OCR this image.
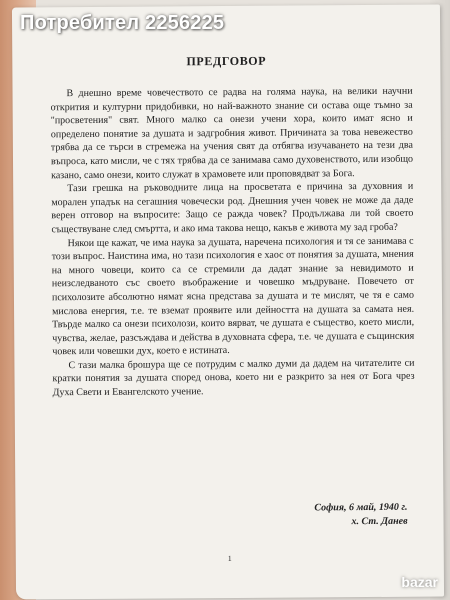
ПРЕДГОВОР

В днешно време човечеството се радва на голяма наука, на велики научни открития и културни придобивки, но най-важното знание си остава още тъмно за "просветения" свят. Много малко са онези учени хора, които имат ясно и определено понятие за душата и задгробния живот. Причината за това невежество трябва да се търси в стремежа на учения свят да отбягва изучаването на тези два въпроса, като мисли, че с тях трябва да се занимава само духовенството, или изобщо казано, само онези, които служат в храмовете или проповядват за Бога.

Тази грешка на ръководните лица на просветата е причина за духовния и морален упадък на сегашния човечески род. Днешния учен човек не може да даде верен отговор на въпросите: Защо се ражда човек? Продължава ли той своето съществуване след смъртта, и ако има такова нещо, какъв е живота му зад гроба?

Някои ще кажат, че има наука за душата, наречена психология и тя се занимава с този въпрос. Наистина има, но тази психология е хаос от понятия за душата, мнения на много човеци, които са се стремили да дадат знание за невидимото и неизследваното със своето въображение и човешко мъдруване. Повечето от психолозите абсолютно нямат ясна представа за душата и те мислят, че тя е само мислова енергия, т.е. те вземат проявите или дейността на душата за самата нея. Твърде малко са онези психолози, които вярват, че душата е същество, което мисли, чувства, желае, разсъждава и действа в духовната сфера, т.е. че душата е същинския човек или човешки дух, което е истината.

С тази малка брошура ще се потрудим с малко думи да дадем на читателите си кратки понятия за душата според онова, което ни е разкрито за нея от Бога чрез Духа Свети и Евангелското учение.

София, 6 май, 1940 г.
х. Ст. Данев
1
Потребител 2256225
bazar
